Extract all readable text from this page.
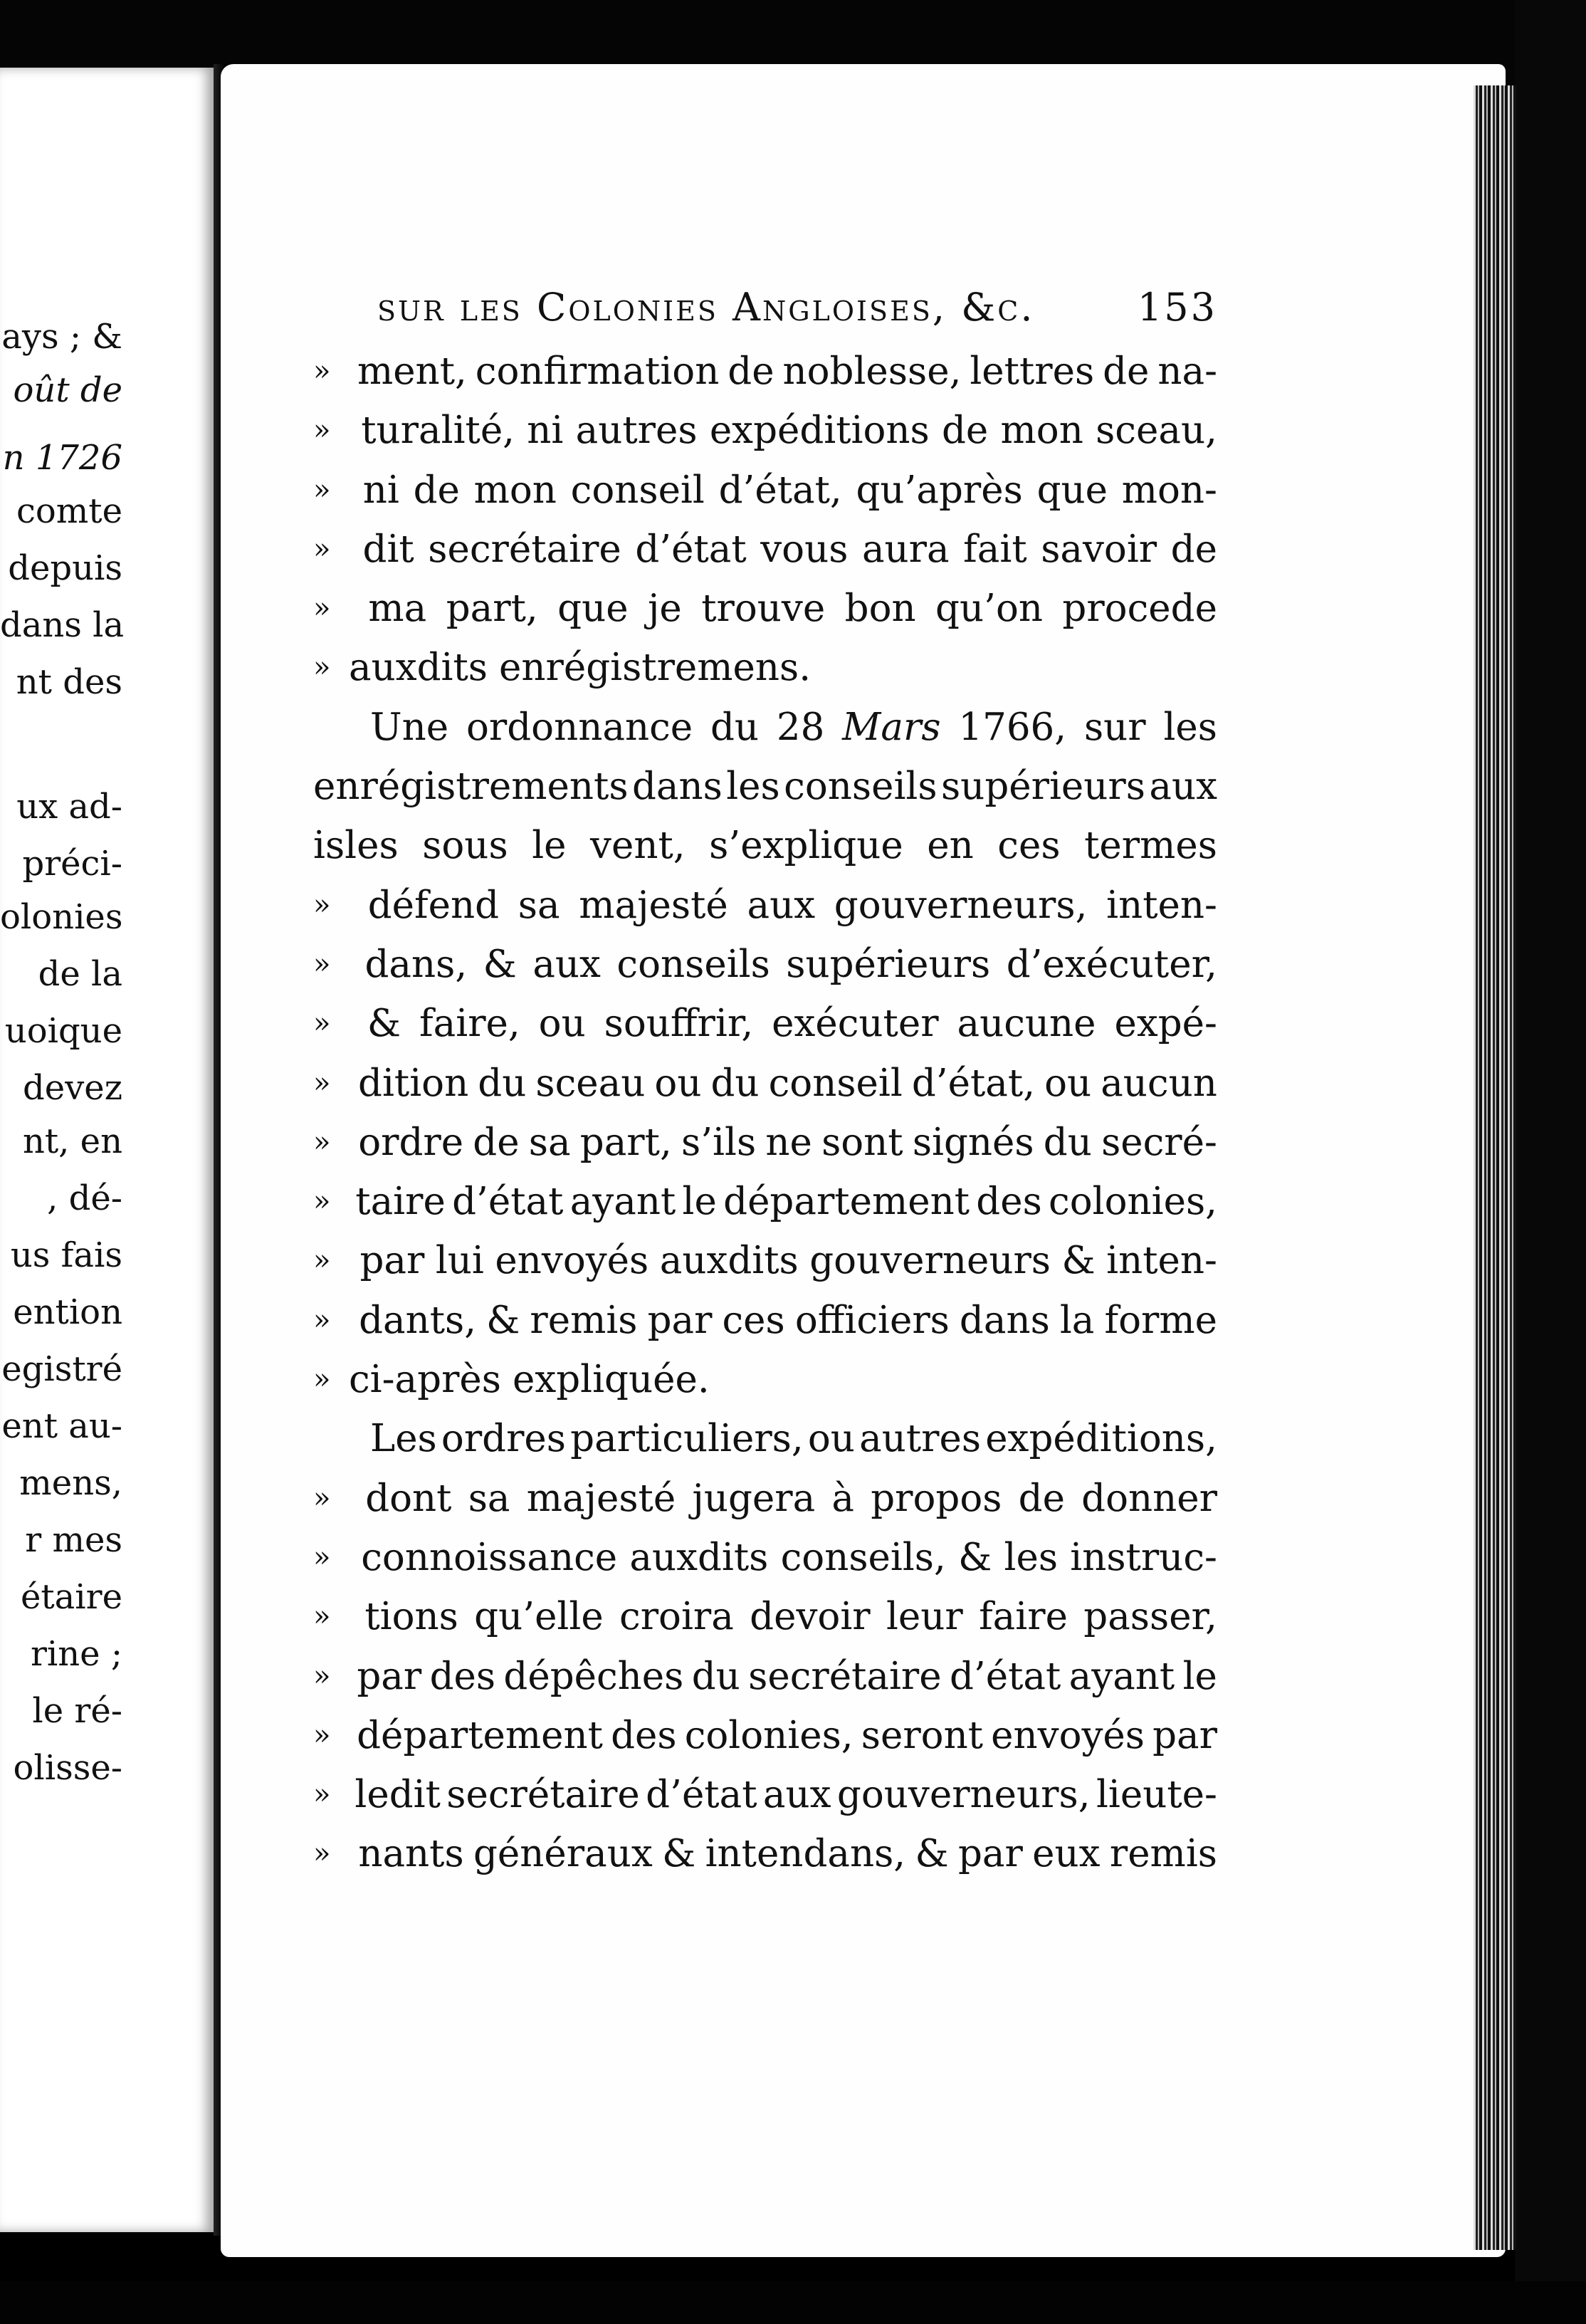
ays ; &
oût de
n 1726
comte
depuis
dans la
nt des
ux ad-
préci-
olonies
de la
uoique
devez
nt, en
, dé-
us fais
ention
egistré
ent au-
mens,
r mes
étaire
rine ;
le ré-
olisse-
sur les Colonies Angloises, &c.	153
» ment, confirmation de noblesse, lettres de na-
» turalité, ni autres expéditions de mon sceau,
» ni de mon conseil d’état, qu’après que mon-
» dit secrétaire d’état vous aura fait savoir de
» ma part, que je trouve bon qu’on procede
» auxdits enrégistremens.
Une ordonnance du 28 Mars 1766, sur les
enrégistrements dans les conseils supérieurs aux
isles sous le vent, s’explique en ces termes
» défend sa majesté aux gouverneurs, inten-
» dans, & aux conseils supérieurs d’exécuter,
» & faire, ou souffrir, exécuter aucune expé-
» dition du sceau ou du conseil d’état, ou aucun
» ordre de sa part, s’ils ne sont signés du secré-
» taire d’état ayant le département des colonies,
» par lui envoyés auxdits gouverneurs & inten-
» dants, & remis par ces officiers dans la forme
» ci-après expliquée.
Les ordres particuliers, ou autres expéditions,
» dont sa majesté jugera à propos de donner
» connoissance auxdits conseils, & les instruc-
» tions qu’elle croira devoir leur faire passer,
» par des dépêches du secrétaire d’état ayant le
» département des colonies, seront envoyés par
» ledit secrétaire d’état aux gouverneurs, lieute-
» nants généraux & intendans, & par eux remis
